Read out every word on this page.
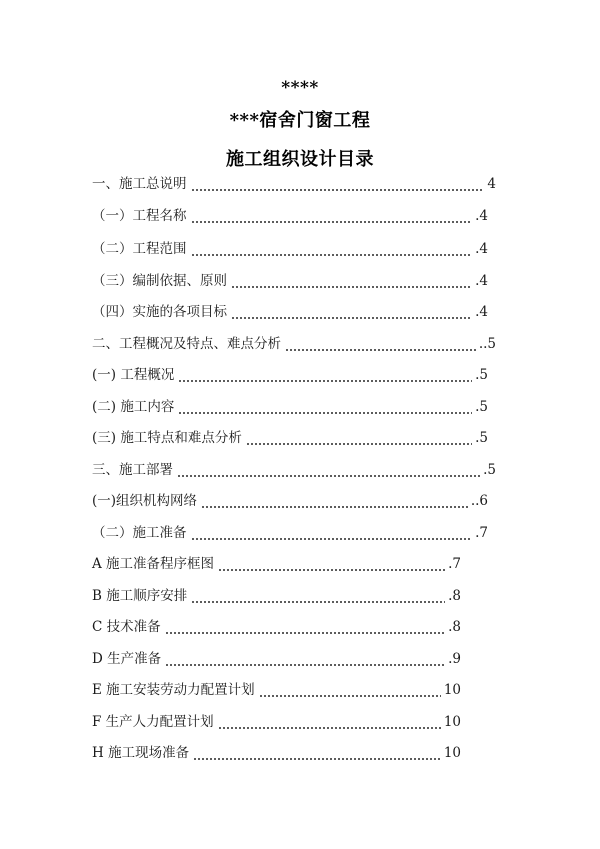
****
***宿舍门窗工程
施工组织设计目录
一、施工总说明	4
（一）工程名称	.4
（二）工程范围	.4
（三）编制依据、原则	.4
（四）实施的各项目标	.4
二、工程概况及特点、难点分析	..5
(一) 工程概况	.5
(二) 施工内容	.5
(三) 施工特点和难点分析	.5
三、施工部署	.5
(一)组织机构网络	..6
（二）施工准备	.7
A 施工准备程序框图	.7
B 施工顺序安排	.8
C 技术准备	.8
D 生产准备	.9
E 施工安装劳动力配置计划	10
F 生产人力配置计划	10
H 施工现场准备	10
